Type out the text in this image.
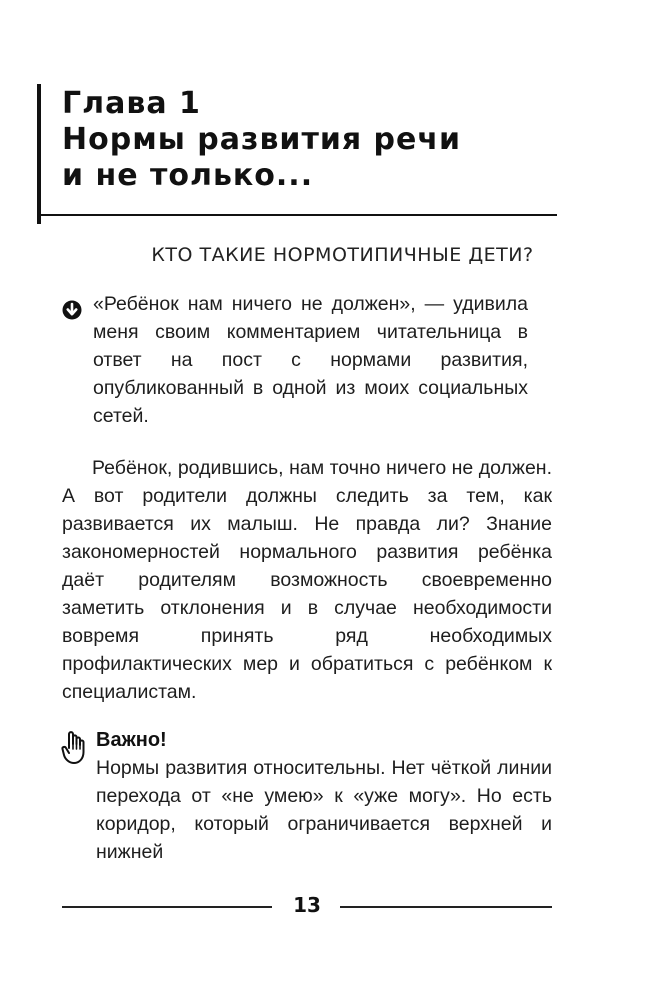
Глава 1
Нормы развития речи
и не только...
КТО ТАКИЕ НОРМОТИПИЧНЫЕ ДЕТИ?
«Ребёнок нам ничего не должен», — удивила меня своим комментарием читательница в ответ на пост с нормами развития, опубликованный в одной из моих социальных сетей.
Ребёнок, родившись, нам точно ничего не должен. А вот родители должны следить за тем, как развивается их малыш. Не правда ли? Знание закономерностей нормального развития ребёнка даёт родителям возможность своевременно заметить отклонения и в случае необходимости вовремя принять ряд необходимых профилактических мер и обратиться с ребёнком к специалистам.
Важно!
Нормы развития относительны. Нет чёткой линии перехода от «не умею» к «уже могу». Но есть коридор, который ограничивается верхней и нижней
13
